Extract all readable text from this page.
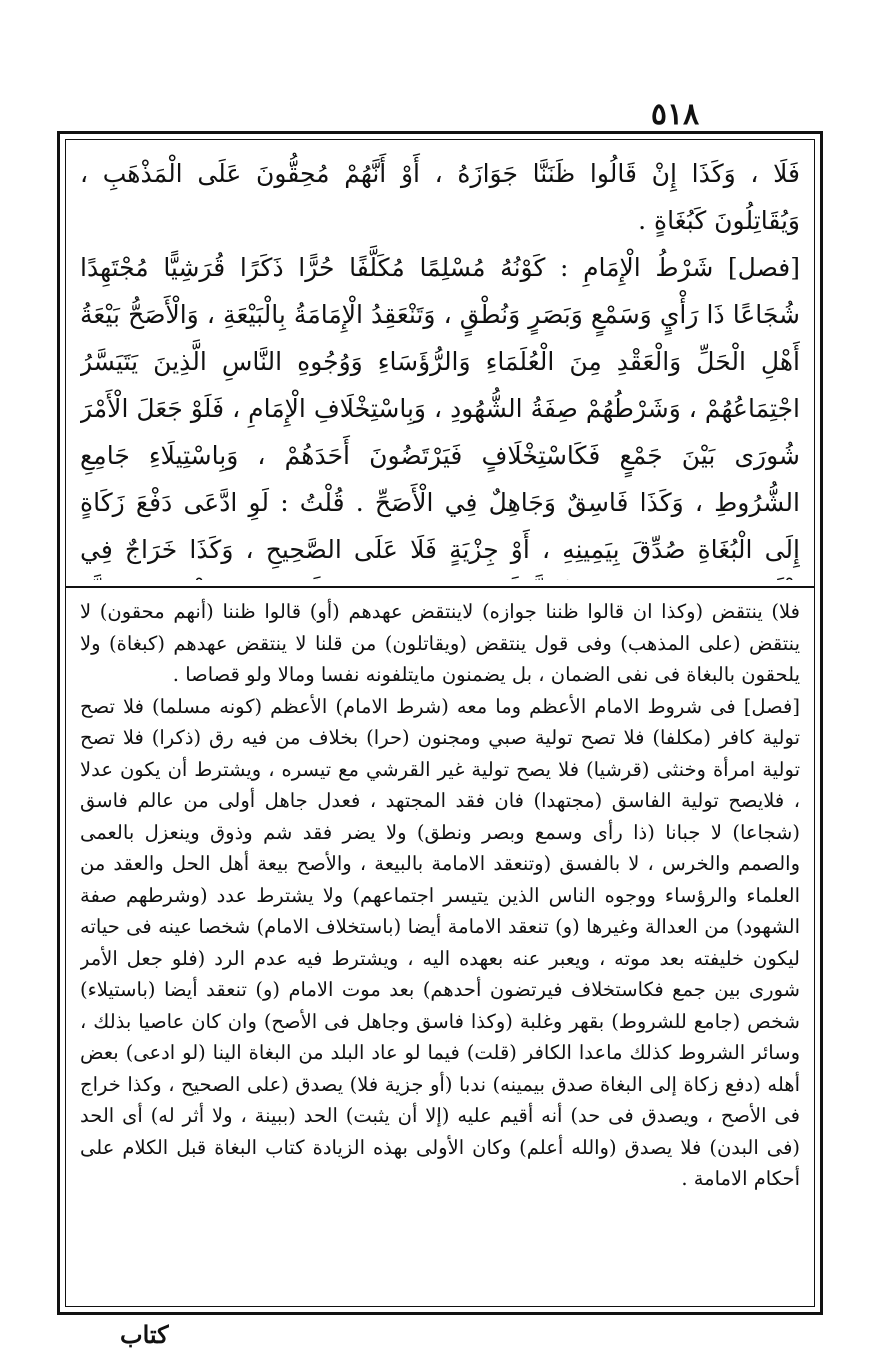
٥١٨

فَلَا ، وَكَذَا إِنْ قَالُوا ظَنَنَّا جَوَازَهُ ، أَوْ أَنَّهُمْ مُحِقُّونَ عَلَى الْمَذْهَبِ ، وَيُقَاتِلُونَ كَبُغَاةٍ .

[فصل] شَرْطُ الْإِمَامِ : كَوْنُهُ مُسْلِمًا مُكَلَّفًا حُرًّا ذَكَرًا قُرَشِيًّا مُجْتَهِدًا شُجَاعًا ذَا رَأْيٍ وَسَمْعٍ وَبَصَرٍ وَنُطْقٍ ، وَتَنْعَقِدُ الْإِمَامَةُ بِالْبَيْعَةِ ، وَالْأَصَحُّ بَيْعَةُ أَهْلِ الْحَلِّ وَالْعَقْدِ مِنَ الْعُلَمَاءِ وَالرُّؤَسَاءِ وَوُجُوهِ النَّاسِ الَّذِينَ يَتَيَسَّرُ اجْتِمَاعُهُمْ ، وَشَرْطُهُمْ صِفَةُ الشُّهُودِ ، وَبِاسْتِخْلَافِ الْإِمَامِ ، فَلَوْ جَعَلَ الْأَمْرَ شُورَى بَيْنَ جَمْعٍ فَكَاسْتِخْلَافٍ فَيَرْتَضُونَ أَحَدَهُمْ ، وَبِاسْتِيلَاءِ جَامِعِ الشُّرُوطِ ، وَكَذَا فَاسِقٌ وَجَاهِلٌ فِي الْأَصَحِّ . قُلْتُ : لَوِ ادَّعَى دَفْعَ زَكَاةٍ إِلَى الْبُغَاةِ صُدِّقَ بِيَمِينِهِ ، أَوْ جِزْيَةٍ فَلَا عَلَى الصَّحِيحِ ، وَكَذَا خَرَاجٌ فِي

فلا) ينتقض (وكذا ان قالوا ظننا جوازه) لاينتقض عهدهم (أو) قالوا ظننا (أنهم محقون) لا ينتقض (على المذهب) وفى قول ينتقض (ويقاتلون) من قلنا لا ينتقض عهدهم (كبغاة) ولا يلحقون بالبغاة فى نفى الضمان ، بل يضمنون مايتلفونه نفسا ومالا ولو قصاصا .

[فصل] فى شروط الامام الأعظم وما معه (شرط الامام) الأعظم (كونه مسلما) فلا تصح تولية كافر (مكلفا) فلا تصح تولية صبي ومجنون (حرا) بخلاف من فيه رق (ذكرا) فلا تصح تولية امرأة وخنثى (قرشيا) فلا يصح تولية غير القرشي مع تيسره ، ويشترط أن يكون عدلا ، فلايصح تولية الفاسق (مجتهدا) فان فقد المجتهد ، فعدل جاهل أولى من عالم فاسق (شجاعا) لا جبانا (ذا رأى وسمع وبصر ونطق) ولا يضر فقد شم وذوق وينعزل بالعمى والصمم والخرس ، لا بالفسق (وتنعقد الامامة بالبيعة ، والأصح بيعة أهل الحل والعقد من العلماء والرؤساء ووجوه الناس الذين يتيسر اجتماعهم) ولا يشترط عدد (وشرطهم صفة الشهود) من العدالة وغيرها (و) تنعقد الامامة أيضا (باستخلاف الامام) شخصا عينه فى حياته ليكون خليفته بعد موته ، ويعبر عنه بعهده اليه ، ويشترط فيه عدم الرد (فلو جعل الأمر شورى بين جمع فكاستخلاف فيرتضون أحدهم) بعد موت الامام (و) تنعقد أيضا (باستيلاء) شخص (جامع للشروط) بقهر وغلبة (وكذا فاسق وجاهل فى الأصح) وان كان عاصيا بذلك ، وسائر الشروط كذلك ماعدا الكافر (قلت) فيما لو عاد البلد من البغاة الينا (لو ادعى) بعض أهله (دفع زكاة إلى البغاة صدق بيمينه) ندبا (أو جزية فلا) يصدق (على الصحيح ، وكذا خراج فى الأصح ، ويصدق فى حد) أنه أقيم عليه (إلا أن يثبت) الحد (ببينة ، ولا أثر له) أى الحد (فى البدن) فلا يصدق (والله أعلم) وكان الأولى بهذه الزيادة كتاب البغاة قبل الكلام على أحكام الامامة .

كتاب
